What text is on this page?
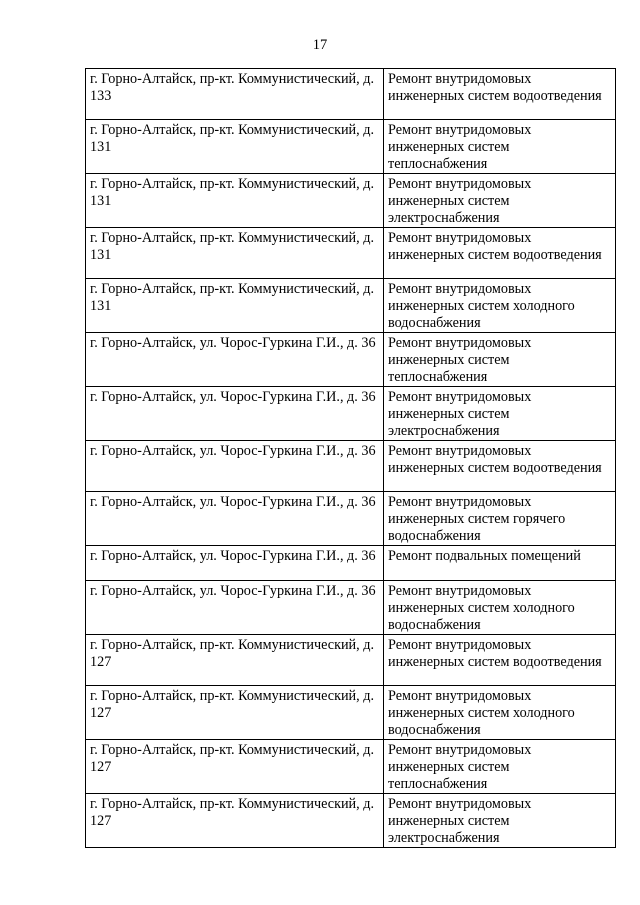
17
г. Горно-Алтайск, пр-кт. Коммунистический, д. 133	Ремонт внутридомовых инженерных систем водоотведения

г. Горно-Алтайск, пр-кт. Коммунистический, д. 131	Ремонт внутридомовых инженерных систем теплоснабжения

г. Горно-Алтайск, пр-кт. Коммунистический, д. 131	Ремонт внутридомовых инженерных систем электроснабжения

г. Горно-Алтайск, пр-кт. Коммунистический, д. 131	Ремонт внутридомовых инженерных систем водоотведения

г. Горно-Алтайск, пр-кт. Коммунистический, д. 131	Ремонт внутридомовых инженерных систем холодного водоснабжения

г. Горно-Алтайск, ул. Чорос-Гуркина Г.И., д. 36	Ремонт внутридомовых инженерных систем теплоснабжения

г. Горно-Алтайск, ул. Чорос-Гуркина Г.И., д. 36	Ремонт внутридомовых инженерных систем электроснабжения

г. Горно-Алтайск, ул. Чорос-Гуркина Г.И., д. 36	Ремонт внутридомовых инженерных систем водоотведения

г. Горно-Алтайск, ул. Чорос-Гуркина Г.И., д. 36	Ремонт внутридомовых инженерных систем горячего водоснабжения

г. Горно-Алтайск, ул. Чорос-Гуркина Г.И., д. 36	Ремонт подвальных помещений

г. Горно-Алтайск, ул. Чорос-Гуркина Г.И., д. 36	Ремонт внутридомовых инженерных систем холодного водоснабжения

г. Горно-Алтайск, пр-кт. Коммунистический, д. 127	Ремонт внутридомовых инженерных систем водоотведения

г. Горно-Алтайск, пр-кт. Коммунистический, д. 127	Ремонт внутридомовых инженерных систем холодного водоснабжения

г. Горно-Алтайск, пр-кт. Коммунистический, д. 127	Ремонт внутридомовых инженерных систем теплоснабжения

г. Горно-Алтайск, пр-кт. Коммунистический, д. 127	Ремонт внутридомовых инженерных систем электроснабжения
